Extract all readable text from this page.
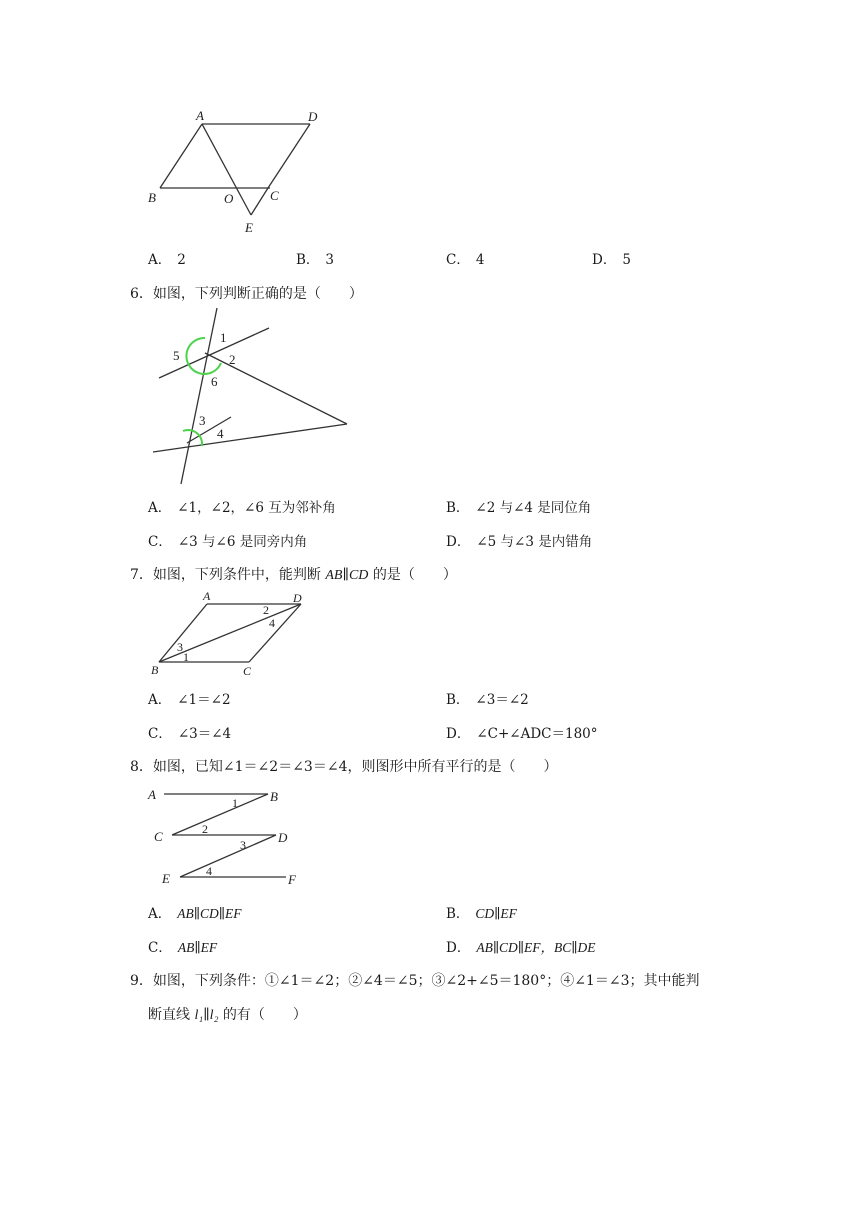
A	D
B	O	C
E
A． 2	B． 3	C． 4	D． 5
6．如图，下列判断正确的是（　　）
1
2
5
6
3
4
A． ∠1，∠2，∠6 互为邻补角	B． ∠2 与∠4 是同位角
C． ∠3 与∠6 是同旁内角	D． ∠5 与∠3 是内错角
7．如图，下列条件中，能判断 AB∥CD 的是（　　）
A	D
B	C
1
2
3
4
A． ∠1＝∠2	B． ∠3＝∠2
C． ∠3＝∠4	D． ∠C+∠ADC＝180°
8．如图，已知∠1＝∠2＝∠3＝∠4，则图形中所有平行的是（　　）
A	B
C	D
E	F
1
2
3
4
A． AB∥CD∥EF	B． CD∥EF
C． AB∥EF	D． AB∥CD∥EF，BC∥DE
9．如图，下列条件：①∠1＝∠2；②∠4＝∠5；③∠2+∠5＝180°；④∠1＝∠3；其中能判
断直线 l₁∥l₂ 的有（　　）
